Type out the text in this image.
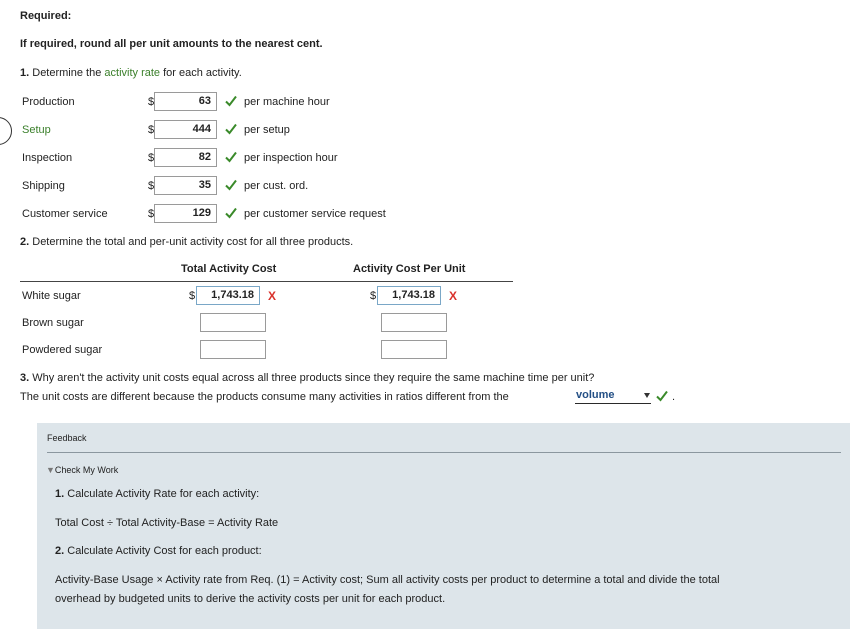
Required:
If required, round all per unit amounts to the nearest cent.
1. Determine the activity rate for each activity.
Production	$	63	per machine hour
Setup	$	444	per setup
Inspection	$	82	per inspection hour
Shipping	$	35	per cust. ord.
Customer service	$	129	per customer service request
2. Determine the total and per-unit activity cost for all three products.
Total Activity Cost	Activity Cost Per Unit
White sugar	$	1,743.18	X	$	1,743.18	X
Brown sugar
Powdered sugar
3. Why aren't the activity unit costs equal across all three products since they require the same machine time per unit?
The unit costs are different because the products consume many activities in ratios different from the	volume	.
Feedback
▼Check My Work
1. Calculate Activity Rate for each activity:
Total Cost ÷ Total Activity-Base = Activity Rate
2. Calculate Activity Cost for each product:
Activity-Base Usage × Activity rate from Req. (1) = Activity cost; Sum all activity costs per product to determine a total and divide the total
overhead by budgeted units to derive the activity costs per unit for each product.
